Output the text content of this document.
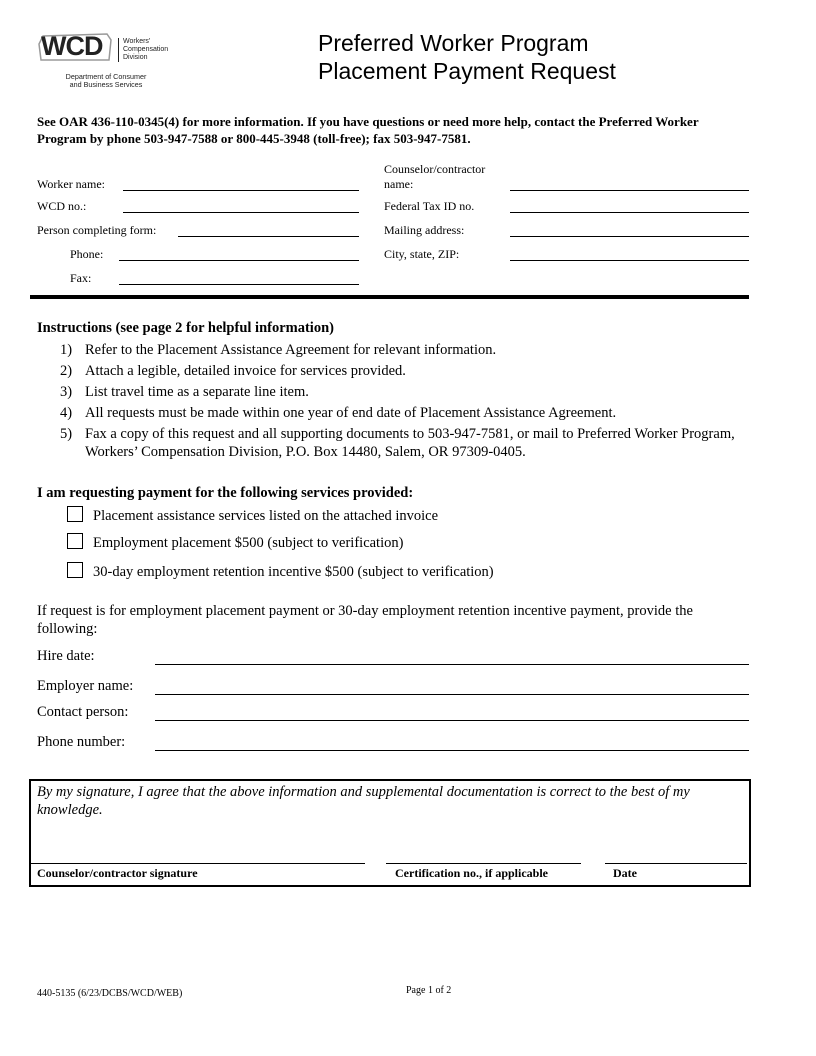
WCD	Workers'
Compensation
Division
Department of Consumer
and Business Services
Preferred Worker Program
Placement Payment Request
See OAR 436-110-0345(4) for more information. If you have questions or need more help, contact the Preferred Worker Program by phone 503-947-7588 or 800-445-3948 (toll-free); fax 503-947-7581.
Worker name:
WCD no.:
Person completing form:
Phone:
Fax:
Counselor/contractor
name:
Federal Tax ID no.
Mailing address:
City, state, ZIP:
Instructions (see page 2 for helpful information)
1) Refer to the Placement Assistance Agreement for relevant information.
2) Attach a legible, detailed invoice for services provided.
3) List travel time as a separate line item.
4) All requests must be made within one year of end date of Placement Assistance Agreement.
5) Fax a copy of this request and all supporting documents to 503-947-7581, or mail to Preferred Worker Program, Workers’ Compensation Division, P.O. Box 14480, Salem, OR 97309-0405.
I am requesting payment for the following services provided:
Placement assistance services listed on the attached invoice
Employment placement $500 (subject to verification)
30-day employment retention incentive $500 (subject to verification)
If request is for employment placement payment or 30-day employment retention incentive payment, provide the following:
Hire date:
Employer name:
Contact person:
Phone number:
By my signature, I agree that the above information and supplemental documentation is correct to the best of my knowledge.
Counselor/contractor signature	Certification no., if applicable	Date
440-5135 (6/23/DCBS/WCD/WEB)	Page 1 of 2
